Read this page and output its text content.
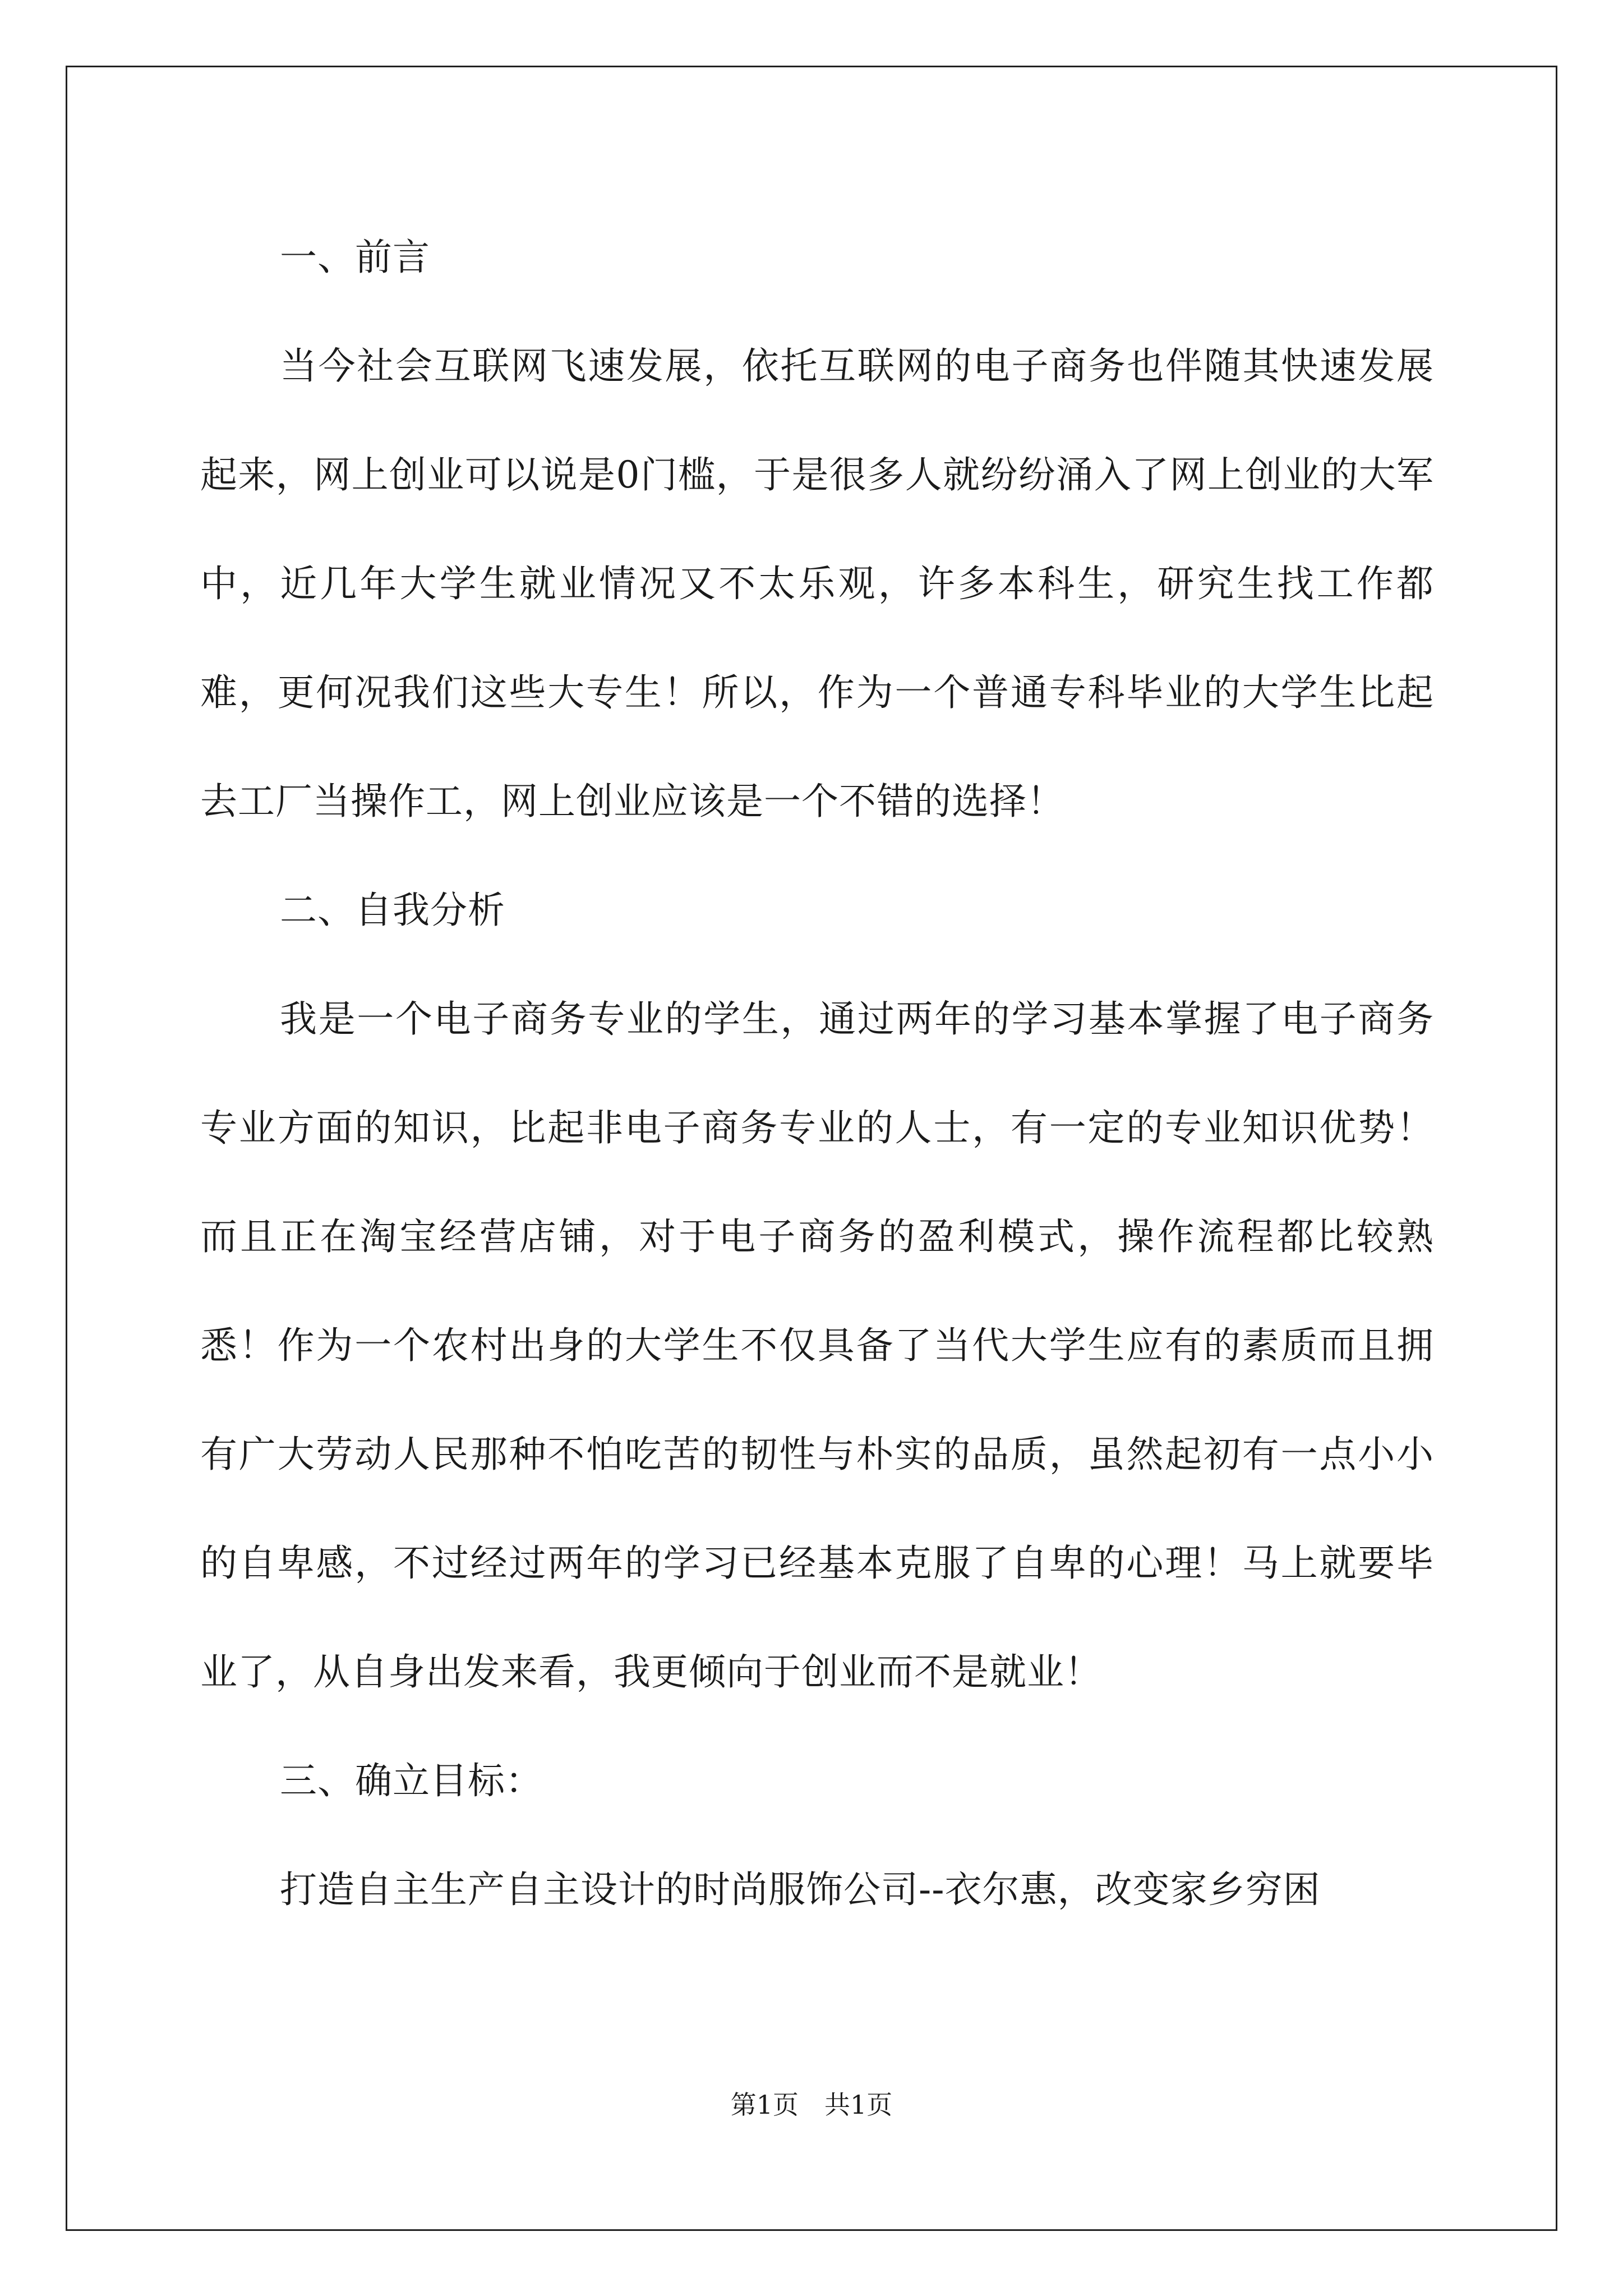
一、前言

当今社会互联网飞速发展，依托互联网的电子商务也伴随其快速发展起来，网上创业可以说是0门槛，于是很多人就纷纷涌入了网上创业的大军中，近几年大学生就业情况又不太乐观，许多本科生，研究生找工作都难，更何况我们这些大专生！所以，作为一个普通专科毕业的大学生比起去工厂当操作工，网上创业应该是一个不错的选择！

二、自我分析

我是一个电子商务专业的学生，通过两年的学习基本掌握了电子商务专业方面的知识，比起非电子商务专业的人士，有一定的专业知识优势！而且正在淘宝经营店铺，对于电子商务的盈利模式，操作流程都比较熟悉！作为一个农村出身的大学生不仅具备了当代大学生应有的素质而且拥有广大劳动人民那种不怕吃苦的韧性与朴实的品质，虽然起初有一点小小的自卑感，不过经过两年的学习已经基本克服了自卑的心理！马上就要毕业了，从自身出发来看，我更倾向于创业而不是就业！

三、确立目标：

打造自主生产自主设计的时尚服饰公司--衣尔惠，改变家乡穷困

第1页 共1页
